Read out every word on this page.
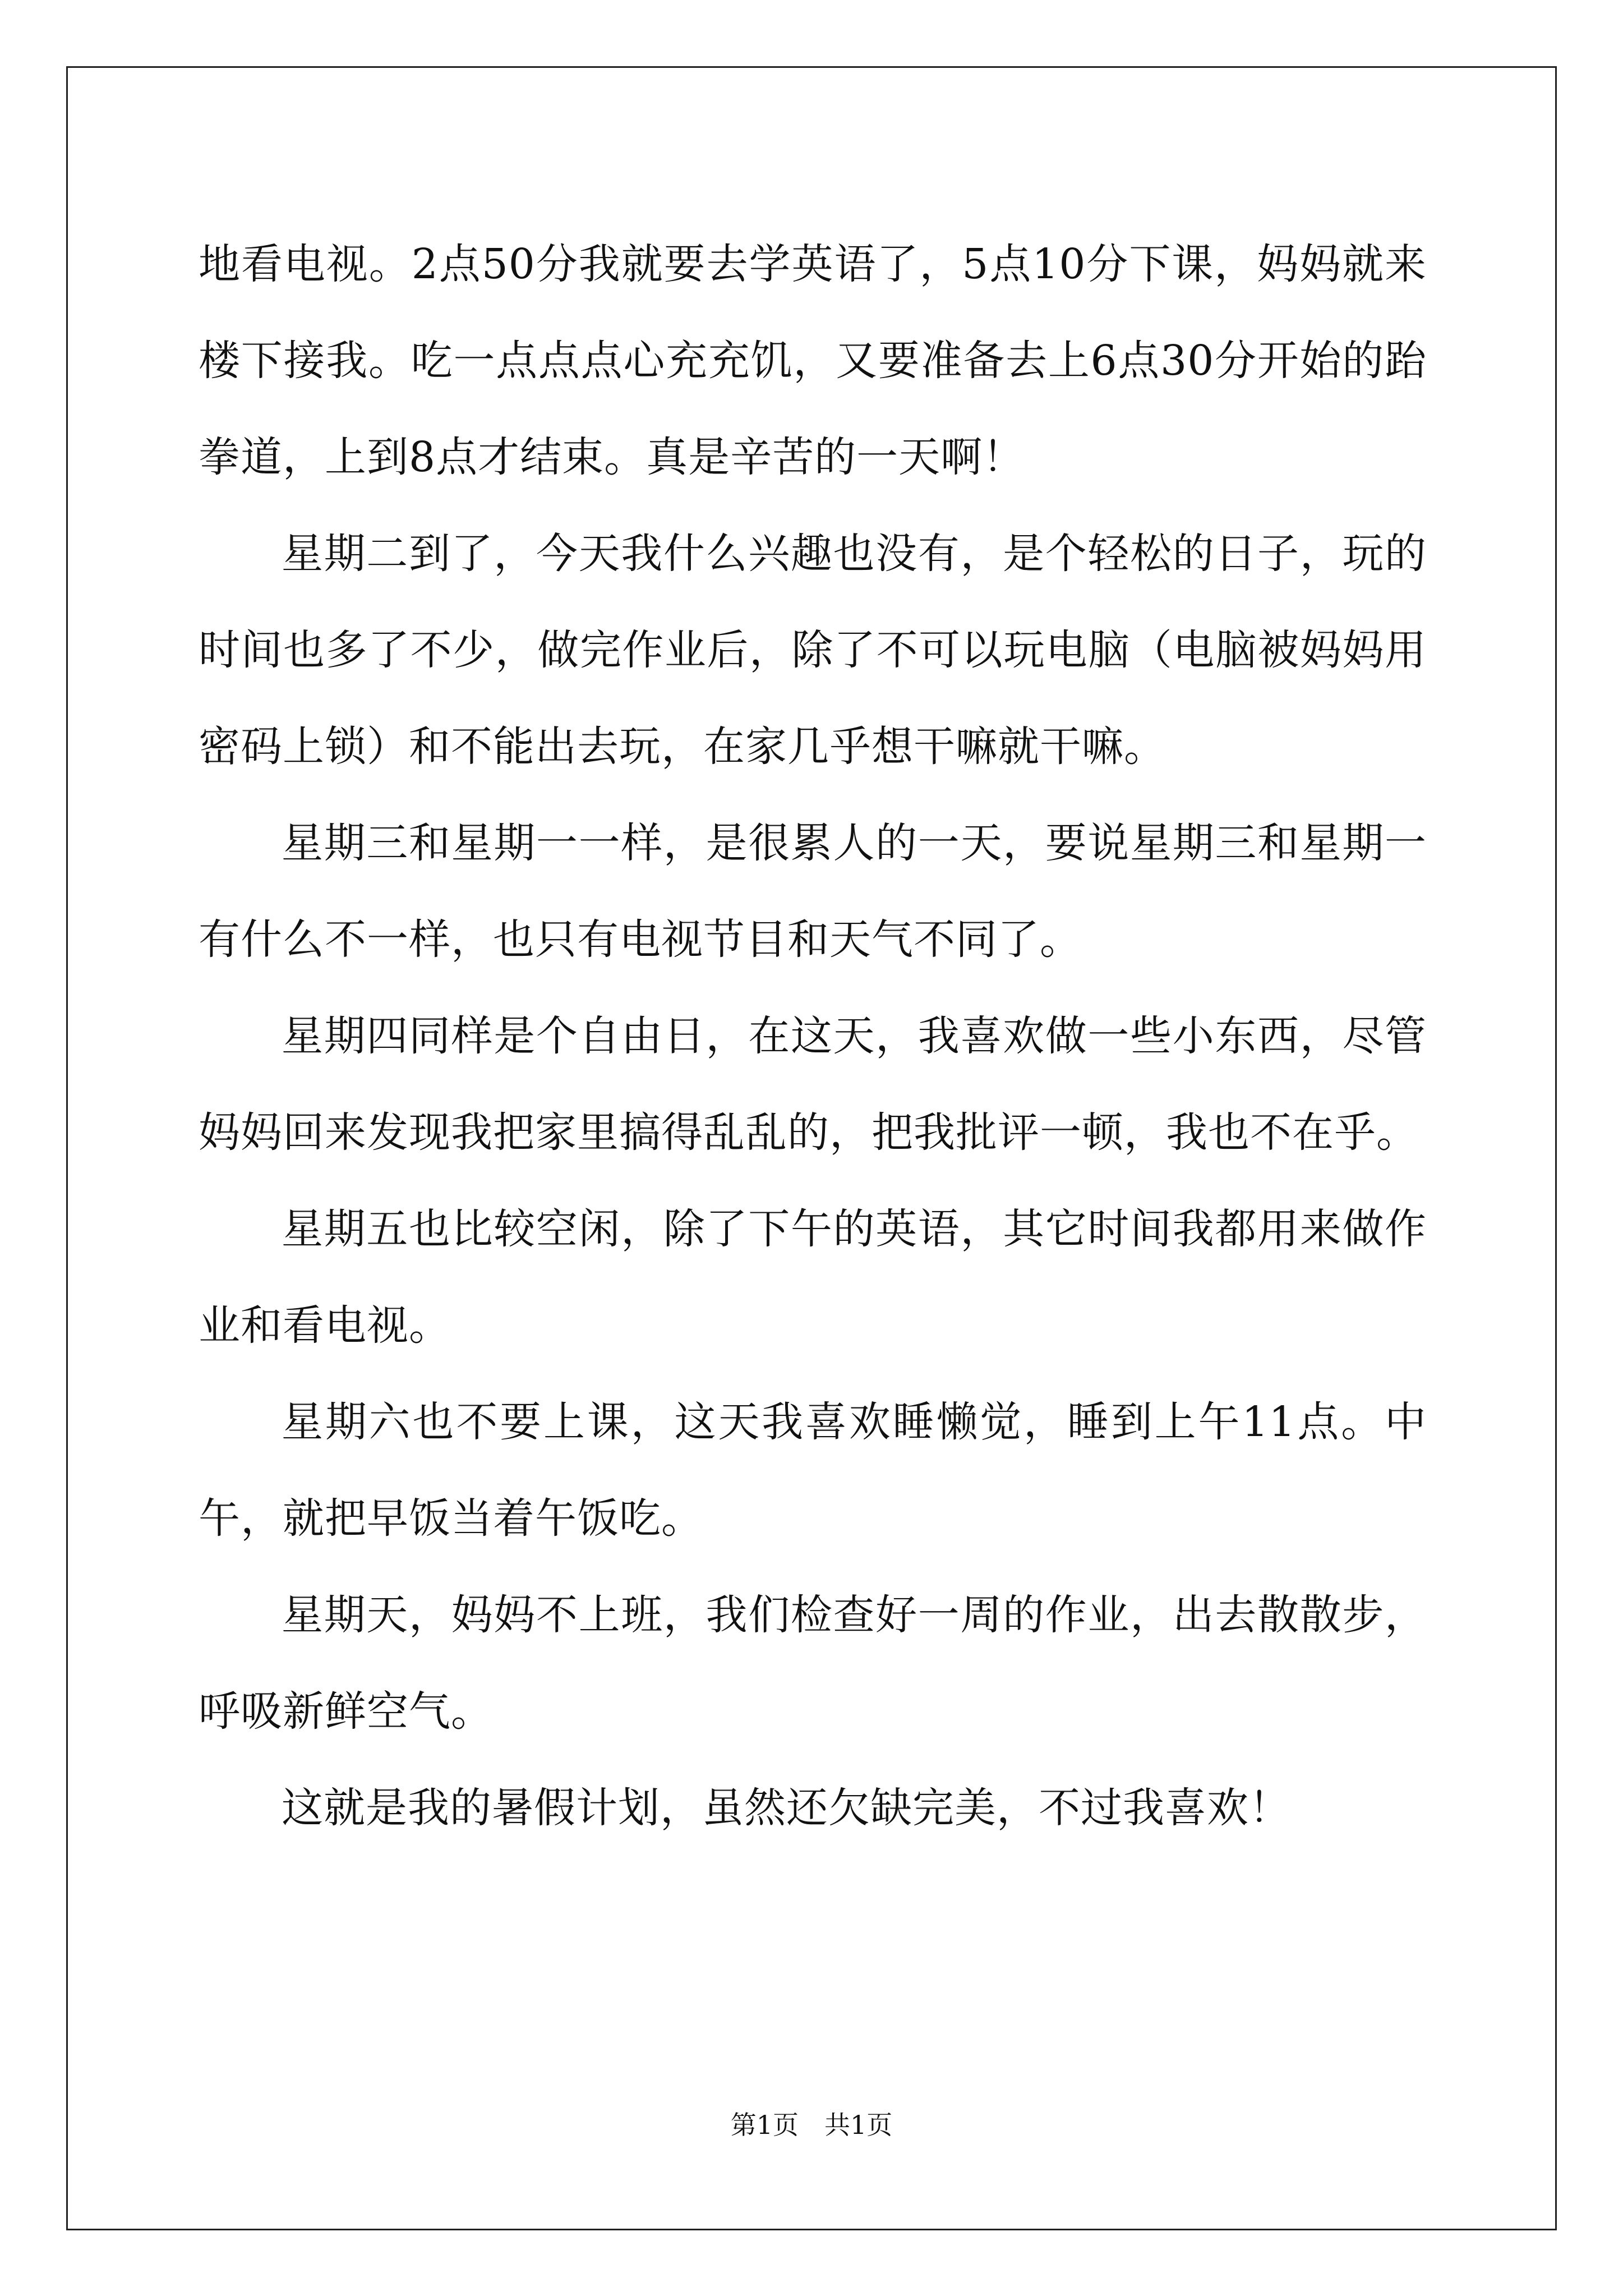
地看电视。2点50分我就要去学英语了，5点10分下课，妈妈就来楼下接我。吃一点点点心充充饥，又要准备去上6点30分开始的跆拳道，上到8点才结束。真是辛苦的一天啊！

星期二到了，今天我什么兴趣也没有，是个轻松的日子，玩的时间也多了不少，做完作业后，除了不可以玩电脑（电脑被妈妈用密码上锁）和不能出去玩，在家几乎想干嘛就干嘛。

星期三和星期一一样，是很累人的一天，要说星期三和星期一有什么不一样，也只有电视节目和天气不同了。

星期四同样是个自由日，在这天，我喜欢做一些小东西，尽管妈妈回来发现我把家里搞得乱乱的，把我批评一顿，我也不在乎。

星期五也比较空闲，除了下午的英语，其它时间我都用来做作业和看电视。

星期六也不要上课，这天我喜欢睡懒觉，睡到上午11点。中午，就把早饭当着午饭吃。

星期天，妈妈不上班，我们检查好一周的作业，出去散散步，呼吸新鲜空气。

这就是我的暑假计划，虽然还欠缺完美，不过我喜欢！

第1页 共1页
